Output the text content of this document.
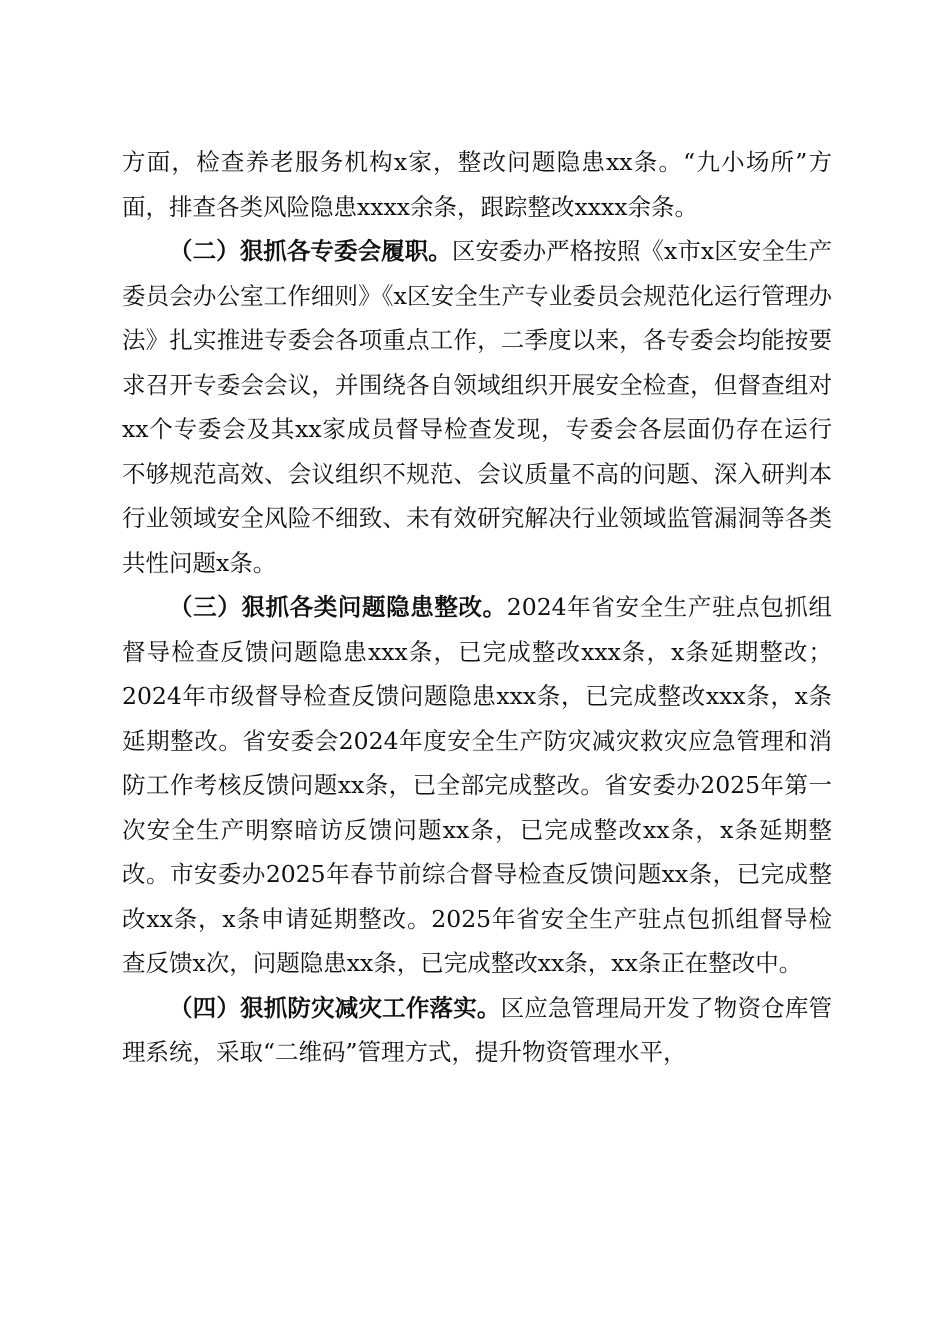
方面，检查养老服务机构x家，整改问题隐患xx条。“九小场所”方面，排查各类风险隐患xxxx余条，跟踪整改xxxx余条。

（二）狠抓各专委会履职。区安委办严格按照《x市x区安全生产委员会办公室工作细则》《x区安全生产专业委员会规范化运行管理办法》扎实推进专委会各项重点工作，二季度以来，各专委会均能按要求召开专委会会议，并围绕各自领域组织开展安全检查，但督查组对xx个专委会及其xx家成员督导检查发现，专委会各层面仍存在运行不够规范高效、会议组织不规范、会议质量不高的问题、深入研判本行业领域安全风险不细致、未有效研究解决行业领域监管漏洞等各类共性问题x条。

（三）狠抓各类问题隐患整改。2024年省安全生产驻点包抓组督导检查反馈问题隐患xxx条，已完成整改xxx条，x条延期整改；2024年市级督导检查反馈问题隐患xxx条，已完成整改xxx条，x条延期整改。省安委会2024年度安全生产防灾减灾救灾应急管理和消防工作考核反馈问题xx条，已全部完成整改。省安委办2025年第一次安全生产明察暗访反馈问题xx条，已完成整改xx条，x条延期整改。市安委办2025年春节前综合督导检查反馈问题xx条，已完成整改xx条，x条申请延期整改。2025年省安全生产驻点包抓组督导检查反馈x次，问题隐患xx条，已完成整改xx条，xx条正在整改中。

（四）狠抓防灾减灾工作落实。区应急管理局开发了物资仓库管理系统，采取“二维码”管理方式，提升物资管理水平，
